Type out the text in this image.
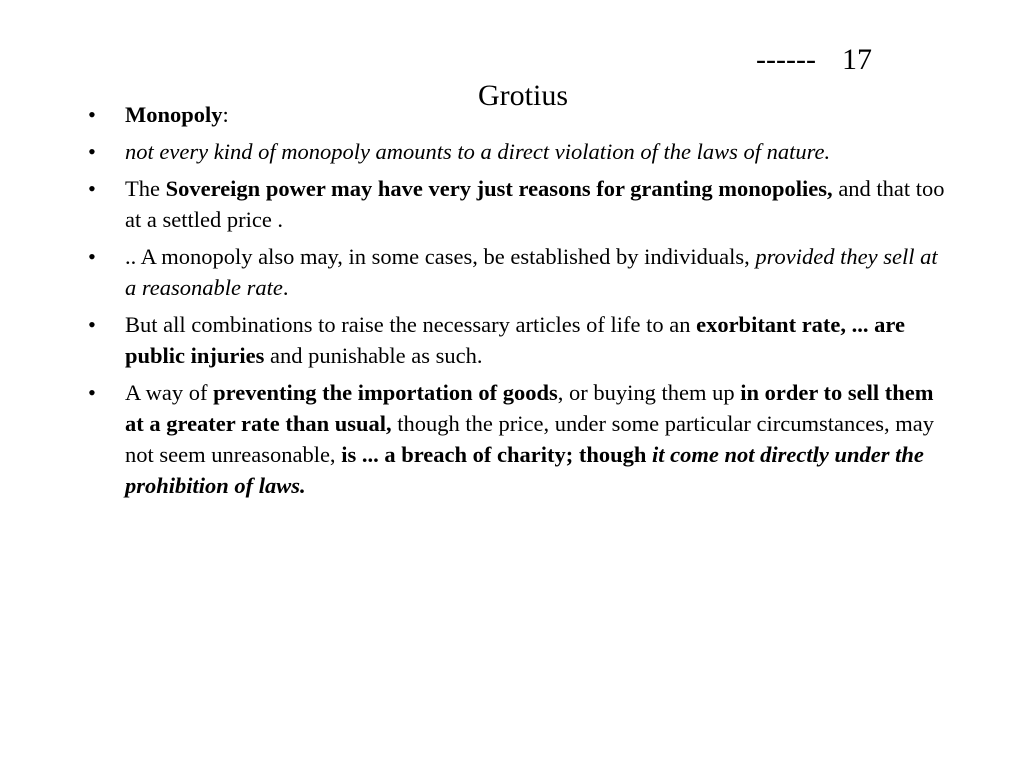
Grotius

------

17

•	Monopoly:
•	not every kind of monopoly amounts to a direct violation of the laws of nature.
•	The Sovereign power may have very just reasons for granting monopolies, and that too at a settled price .
•	.. A monopoly also may, in some cases, be established by individuals, provided they sell at a reasonable rate.
•	But all combinations to raise the necessary articles of life to an exorbitant rate, ... are public injuries and punishable as such.
•	A way of preventing the importation of goods, or buying them up in order to sell them at a greater rate than usual, though the price, under some particular circumstances, may not seem unreasonable, is ... a breach of charity; though it come not directly under the prohibition of laws.
